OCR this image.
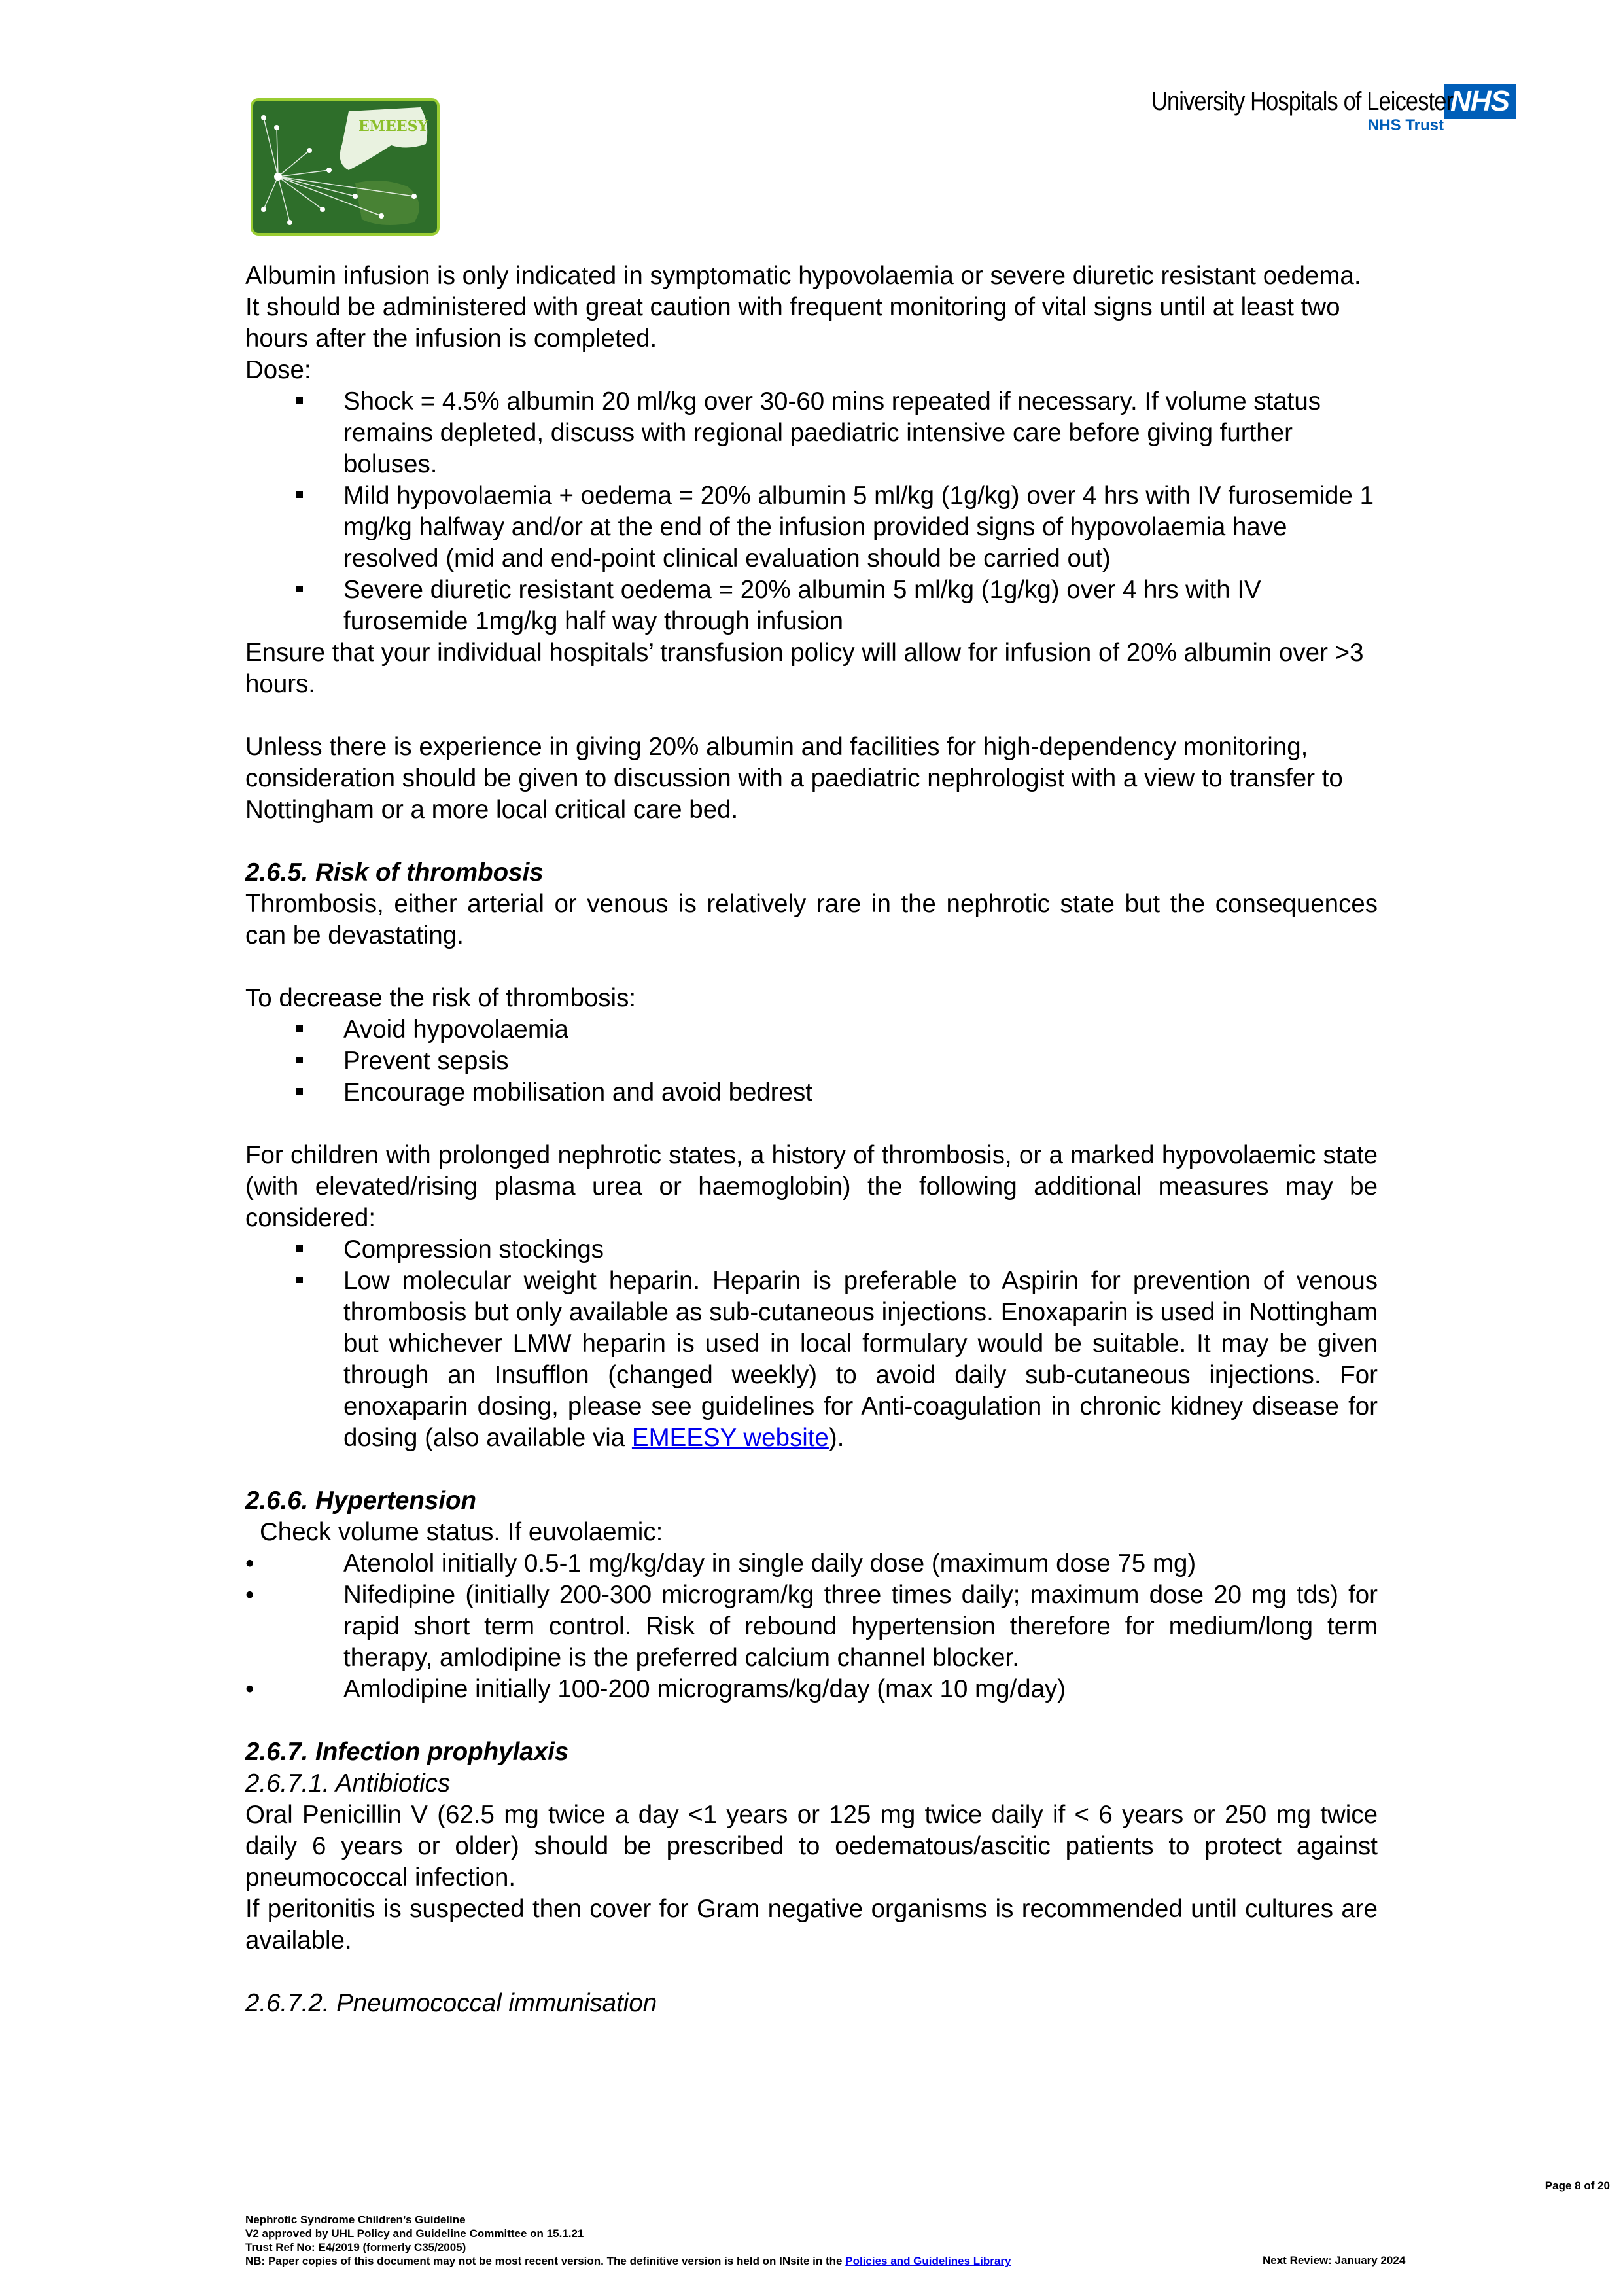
EMEESY
University Hospitals of LeicesterNHS
NHS Trust

Albumin infusion is only indicated in symptomatic hypovolaemia or severe diuretic resistant oedema. It should be administered with great caution with frequent monitoring of vital signs until at least two hours after the infusion is completed.

Dose:

Shock = 4.5% albumin 20 ml/kg over 30-60 mins repeated if necessary. If volume status remains depleted, discuss with regional paediatric intensive care before giving further boluses.
Mild hypovolaemia + oedema = 20% albumin 5 ml/kg (1g/kg) over 4 hrs with IV furosemide 1 mg/kg halfway and/or at the end of the infusion provided signs of hypovolaemia have resolved (mid and end-point clinical evaluation should be carried out)
Severe diuretic resistant oedema = 20% albumin 5 ml/kg (1g/kg) over 4 hrs with IV furosemide 1mg/kg half way through infusion

Ensure that your individual hospitals’ transfusion policy will allow for infusion of 20% albumin over >3 hours.

Unless there is experience in giving 20% albumin and facilities for high-dependency monitoring, consideration should be given to discussion with a paediatric nephrologist with a view to transfer to Nottingham or a more local critical care bed.

2.6.5. Risk of thrombosis

Thrombosis, either arterial or venous is relatively rare in the nephrotic state but the consequences can be devastating.

To decrease the risk of thrombosis:

Avoid hypovolaemia
Prevent sepsis
Encourage mobilisation and avoid bedrest

For children with prolonged nephrotic states, a history of thrombosis, or a marked hypovolaemic state (with elevated/rising plasma urea or haemoglobin) the following additional measures may be considered:

Compression stockings
Low molecular weight heparin. Heparin is preferable to Aspirin for prevention of venous thrombosis but only available as sub-cutaneous injections. Enoxaparin is used in Nottingham but whichever LMW heparin is used in local formulary would be suitable. It may be given through an Insufflon (changed weekly) to avoid daily sub-cutaneous injections. For enoxaparin dosing, please see guidelines for Anti-coagulation in chronic kidney disease for dosing (also available via EMEESY website).
2.6.6. Hypertension

Check volume status. If euvolaemic:

• Atenolol initially 0.5-1 mg/kg/day in single daily dose (maximum dose 75 mg)
• Nifedipine (initially 200-300 microgram/kg three times daily; maximum dose 20 mg tds) for rapid short term control. Risk of rebound hypertension therefore for medium/long term therapy, amlodipine is the preferred calcium channel blocker.
• Amlodipine initially 100-200 micrograms/kg/day (max 10 mg/day)
2.6.7. Infection prophylaxis

2.6.7.1. Antibiotics

Oral Penicillin V (62.5 mg twice a day <1 years or 125 mg twice daily if < 6 years or 250 mg twice daily 6 years or older) should be prescribed to oedematous/ascitic patients to protect against pneumococcal infection.

If peritonitis is suspected then cover for Gram negative organisms is recommended until cultures are available.

2.6.7.2. Pneumococcal immunisation

Page 8 of 20
Nephrotic Syndrome Children’s Guideline
V2 approved by UHL Policy and Guideline Committee on 15.1.21
Trust Ref No: E4/2019 (formerly C35/2005)
NB: Paper copies of this document may not be most recent version. The definitive version is held on INsite in the Policies and Guidelines Library	Next Review: January 2024
